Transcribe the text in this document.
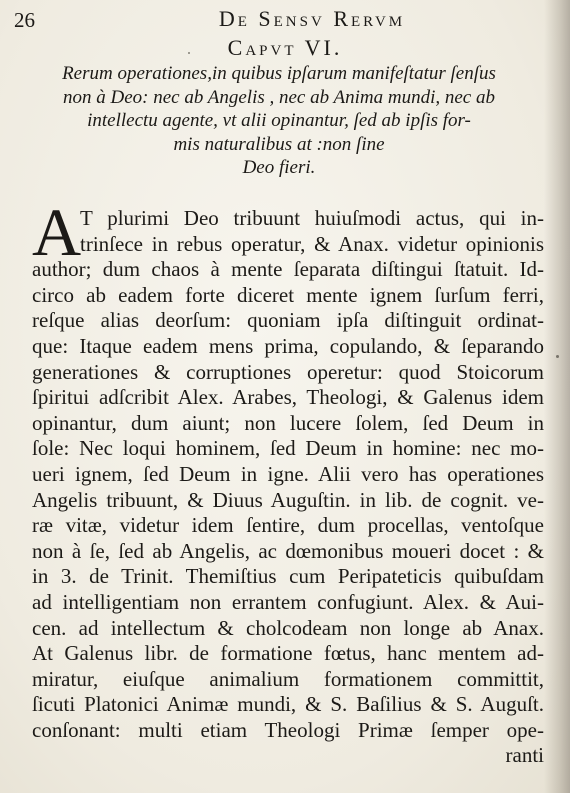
26	De Sensv Rervm
Capvt VI.
Rerum operationes,in quibus ipſarum manifeſtatur ſenſus
non à Deo: nec ab Angelis , nec ab Anima mundi, nec ab
intellectu agente, vt alii opinantur, ſed ab ipſis for-
mis naturalibus at :non ſine
Deo fieri.
A
T plurimi Deo tribuunt huiuſmodi actus, qui in-
trinſece in rebus operatur, & Anax. videtur opinionis
author; dum chaos à mente ſeparata diſtingui ſtatuit. Id-
circo ab eadem forte diceret mente ignem ſurſum ferri,
reſque alias deorſum: quoniam ipſa diſtinguit ordinat-
que: Itaque eadem mens prima, copulando, & ſeparando
generationes & corruptiones operetur: quod Stoicorum
ſpiritui adſcribit Alex. Arabes, Theologi, & Galenus idem
opinantur, dum aiunt; non lucere ſolem, ſed Deum in
ſole: Nec loqui hominem, ſed Deum in homine: nec mo-
ueri ignem, ſed Deum in igne. Alii vero has operationes
Angelis tribuunt, & Diuus Auguſtin. in lib. de cognit. ve-
ræ vitæ, videtur idem ſentire, dum procellas, ventoſque
non à ſe, ſed ab Angelis, ac dœmonibus moueri docet : &
in 3. de Trinit. Themiſtius cum Peripateticis quibuſdam
ad intelligentiam non errantem confugiunt. Alex. & Aui-
cen. ad intellectum & cholcodeam non longe ab Anax.
At Galenus libr. de formatione fœtus, hanc mentem ad-
miratur, eiuſque animalium formationem committit,
ſicuti Platonici Animæ mundi, & S. Baſilius & S. Auguſt.
conſonant: multi etiam Theologi Primæ ſemper ope-
ranti
